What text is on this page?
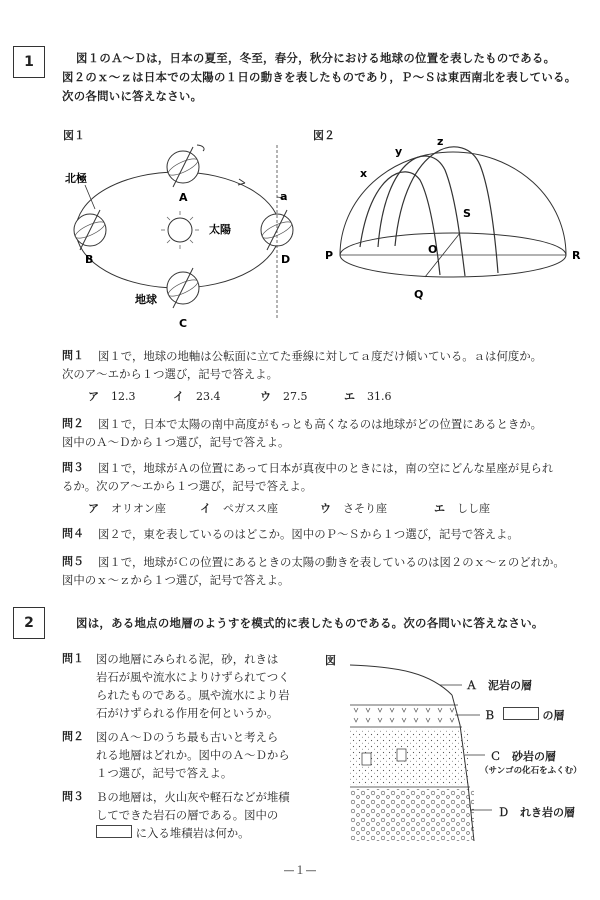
1	図１のＡ～Ｄは，日本の夏至，冬至，春分，秋分における地球の位置を表したものである。
図２のｘ～ｚは日本での太陽の１日の動きを表したものであり，Ｐ～Ｓは東西南北を表している。
次の各問いに答えなさい。
図１	図２
太陽
A
B
北極
C
地球
a
D
x
y
z
P
Q
R
S
O
問１ 図１で，地球の地軸は公転面に立てた垂線に対してａ度だけ傾いている。ａは何度か。
次のア～エから１つ選び，記号で答えよ。
ア 12.3	イ 23.4	ウ 27.5	エ 31.6
問２ 図１で，日本で太陽の南中高度がもっとも高くなるのは地球がどの位置にあるときか。
図中のＡ～Ｄから１つ選び，記号で答えよ。
問３ 図１で，地球がＡの位置にあって日本が真夜中のときには，南の空にどんな星座が見られ
るか。次のア～エから１つ選び，記号で答えよ。
ア オリオン座	イ ペガスス座	ウ さそり座	エ しし座
問４ 図２で，東を表しているのはどこか。図中のＰ～Ｓから１つ選び，記号で答えよ。
問５ 図１で，地球がＣの位置にあるときの太陽の動きを表しているのは図２のｘ～ｚのどれか。
図中のｘ～ｚから１つ選び，記号で答えよ。
2	図は，ある地点の地層のようすを模式的に表したものである。次の各問いに答えなさい。
問１ 図の地層にみられる泥，砂，れきは
岩石が風や流水によりけずられてつく
られたものである。風や流水により岩
石がけずられる作用を何というか。
問２ 図のＡ～Ｄのうち最も古いと考えら
れる地層はどれか。図中のＡ～Ｄから
１つ選び，記号で答えよ。
問３ Ｂの地層は，火山灰や軽石などが堆積
してできた岩石の層である。図中の
に入る堆積岩は何か。
図
Ａ　泥岩の層
Ｂ	の層
Ｃ　砂岩の層
（サンゴの化石をふくむ）
Ｄ　れき岩の層
—１—
